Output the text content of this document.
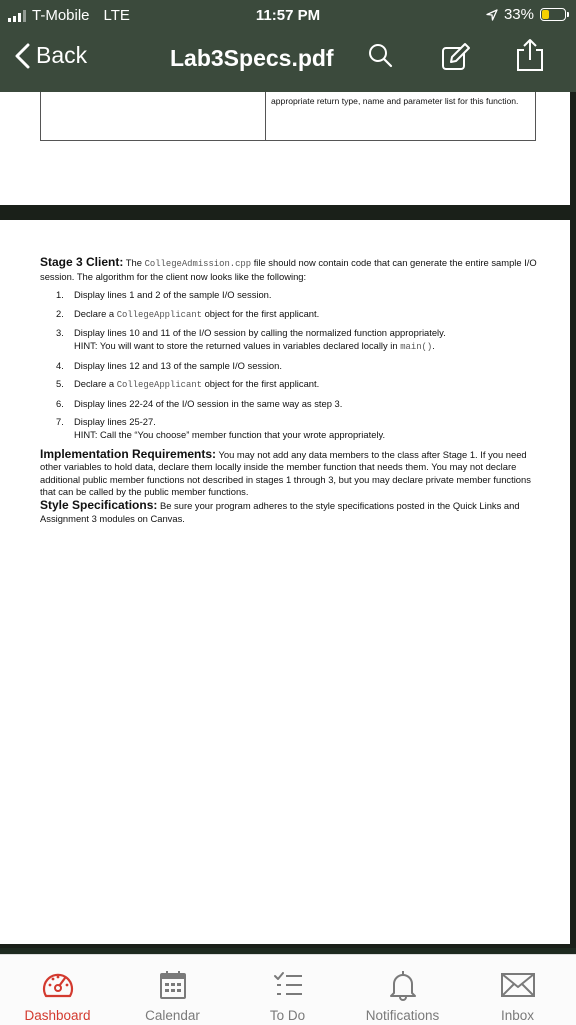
T-Mobile LTE	11:57 PM	33%
Back	Lab3Specs.pdf
appropriate return type, name and parameter list for this function.

Stage 3 Client: The CollegeAdmission.cpp file should now contain code that can generate the entire sample I/O session. The algorithm for the client now looks like the following:

1. Display lines 1 and 2 of the sample I/O session.
2. Declare a CollegeApplicant object for the first applicant.
3. Display lines 10 and 11 of the I/O session by calling the normalized function appropriately.
HINT: You will want to store the returned values in variables declared locally in main().
4. Display lines 12 and 13 of the sample I/O session.
5. Declare a CollegeApplicant object for the first applicant.
6. Display lines 22-24 of the I/O session in the same way as step 3.
7. Display lines 25-27.
HINT: Call the “You choose” member function that your wrote appropriately.

Implementation Requirements: You may not add any data members to the class after Stage 1. If you need other variables to hold data, declare them locally inside the member function that needs them. You may not declare additional public member functions not described in stages 1 through 3, but you may declare private member functions that can be called by the public member functions.

Style Specifications: Be sure your program adheres to the style specifications posted in the Quick Links and Assignment 3 modules on Canvas.

Dashboard	Calendar	To Do	Notifications	Inbox
